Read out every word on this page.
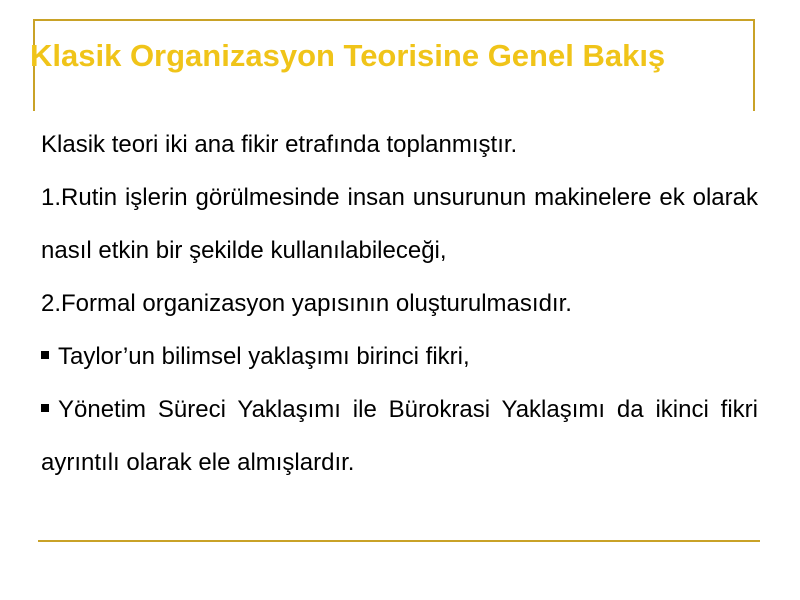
Klasik Organizasyon Teorisine Genel Bakış

Klasik teori iki ana fikir etrafında toplanmıştır.

1.Rutin işlerin görülmesinde insan unsurunun makinelere ek olarak nasıl etkin bir şekilde kullanılabileceği,

2.Formal organizasyon yapısının oluşturulmasıdır.

Taylor’un bilimsel yaklaşımı birinci fikri,

Yönetim Süreci Yaklaşımı ile Bürokrasi Yaklaşımı da ikinci fikri ayrıntılı olarak ele almışlardır.
